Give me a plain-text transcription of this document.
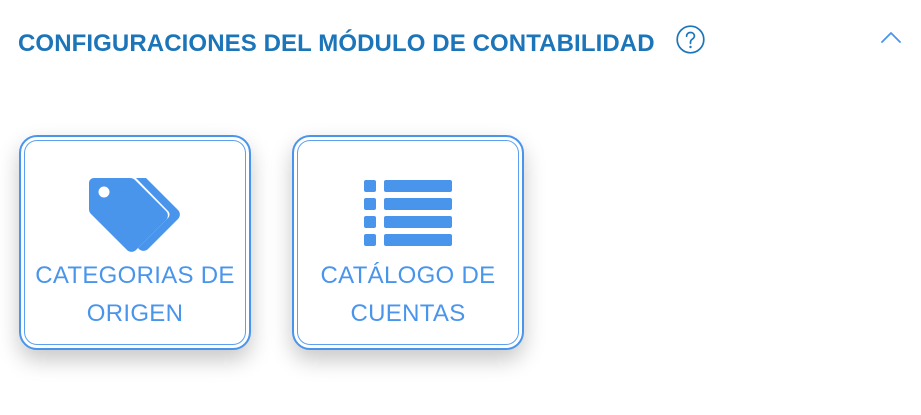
CONFIGURACIONES DEL MÓDULO DE CONTABILIDAD
CATEGORIAS DE
ORIGEN
CATÁLOGO DE
CUENTAS
